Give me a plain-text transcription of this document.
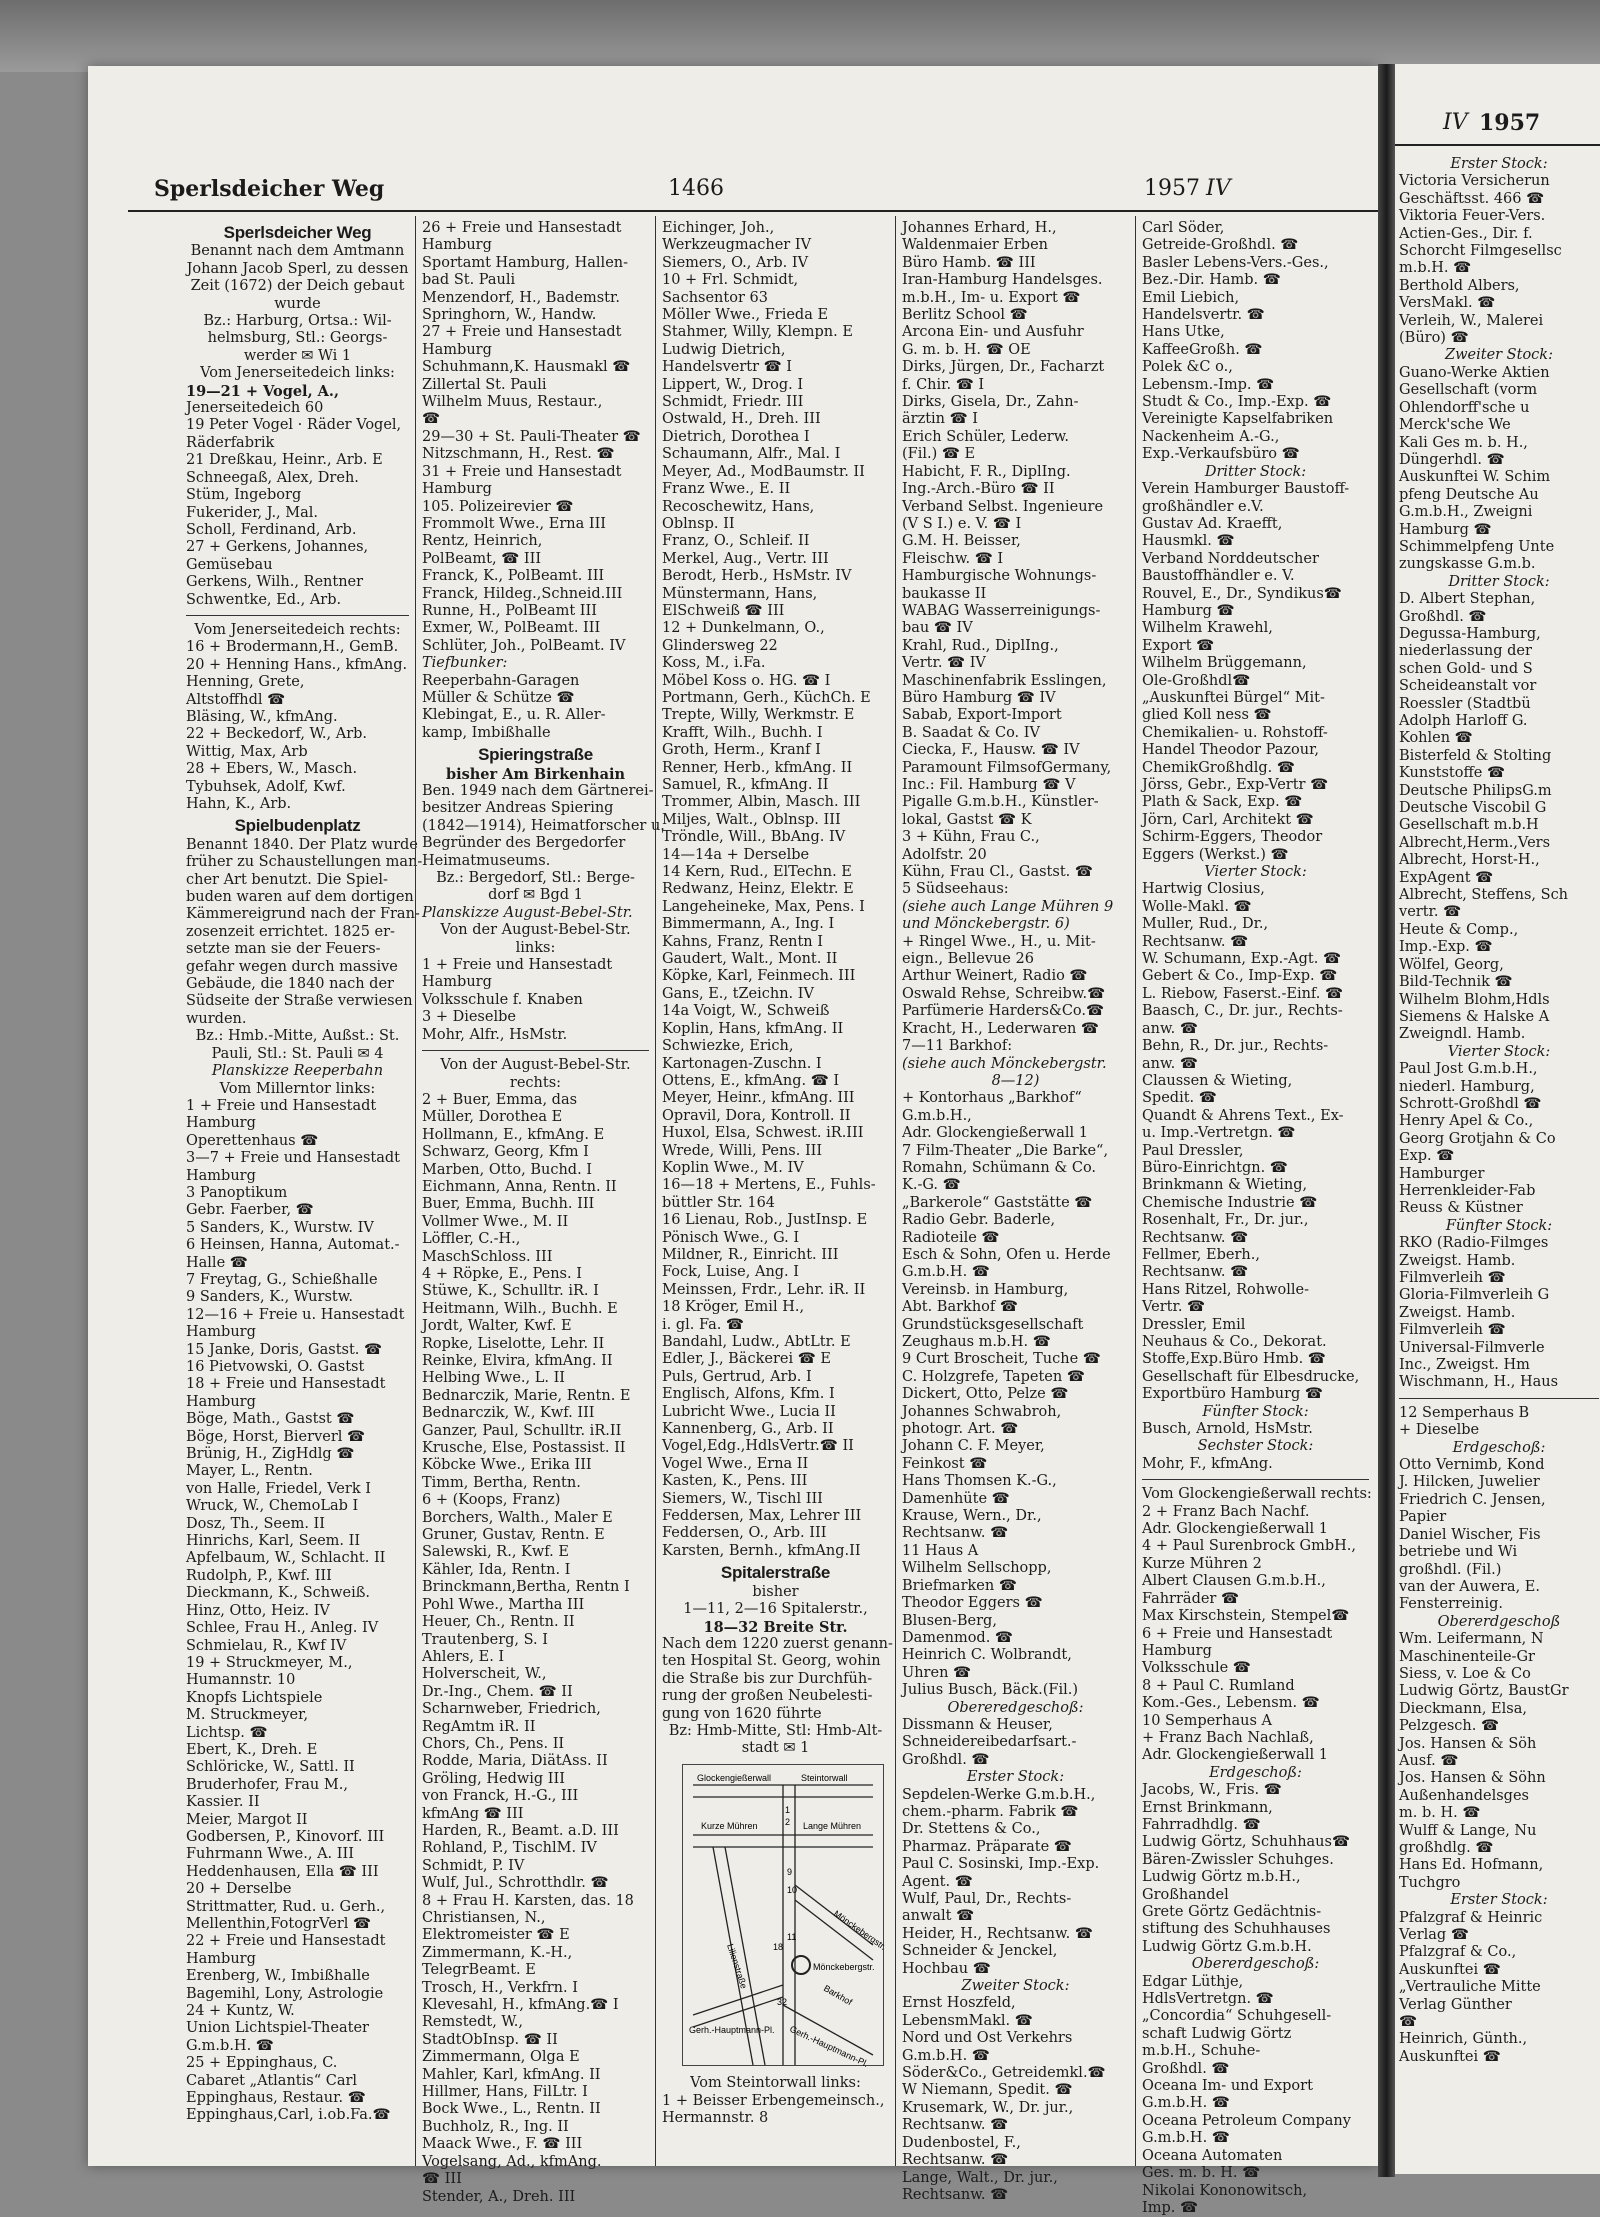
Sperlsdeicher Weg	1466	1957 IV
IV 1957
Erster Stock:
Victoria Versicherun
Geschäftsst. 466 ☎
Viktoria Feuer-Vers.
Actien-Ges., Dir. f.
Schorcht Filmgesellsc
m.b.H. ☎
Berthold Albers,
VersMakl. ☎
Verleih, W., Malerei
(Büro) ☎
Zweiter Stock:
Guano-Werke Aktien
Gesellschaft (vorm
Ohlendorff'sche u
Merck'sche We
Kali Ges m. b. H.,
Düngerhdl. ☎
Auskunftei W. Schim
pfeng Deutsche Au
G.m.b.H., Zweigni
Hamburg ☎
Schimmelpfeng Unte
zungskasse G.m.b.
Dritter Stock:
D. Albert Stephan,
Großhdl. ☎
Degussa-Hamburg,
niederlassung der
schen Gold- und S
Scheideanstalt vor
Roessler (Stadtbü
Adolph Harloff G.
Kohlen ☎
Bisterfeld & Stolting
Kunststoffe ☎
Deutsche PhilipsG.m
Deutsche Viscobil G
Gesellschaft m.b.H
Albrecht,Herm.,Vers
Albrecht, Horst-H.,
ExpAgent ☎
Albrecht, Steffens, Sch
vertr. ☎
Heute & Comp.,
Imp.-Exp. ☎
Wölfel, Georg,
Bild-Technik ☎
Wilhelm Blohm,Hdls
Siemens & Halske A
Zweigndl. Hamb.
Vierter Stock:
Paul Jost G.m.b.H.,
niederl. Hamburg,
Schrott-Großhdl ☎
Henry Apel & Co.,
Georg Grotjahn & Co
Exp. ☎
Hamburger
Herrenkleider-Fab
Reuss & Küstner
Fünfter Stock:
RKO (Radio-Filmges
Zweigst. Hamb.
Filmverleih ☎
Gloria-Filmverleih G
Zweigst. Hamb.
Filmverleih ☎
Universal-Filmverle
Inc., Zweigst. Hm
Wischmann, H., Haus
12 Semperhaus B
+ Dieselbe
Erdgeschoß:
Otto Vernimb, Kond
J. Hilcken, Juwelier
Friedrich C. Jensen,
Papier
Daniel Wischer, Fis
betriebe und Wi
großhdl. (Fil.)
van der Auwera, E.
Fensterreinig.
Obererdgeschoß
Wm. Leifermann, N
Maschinenteile-Gr
Siess, v. Loe & Co
Ludwig Görtz, BaustGr
Dieckmann, Elsa,
Pelzgesch. ☎
Jos. Hansen & Söh
Ausf. ☎
Jos. Hansen & Söhn
Außenhandelsges
m. b. H. ☎
Wulff & Lange, Nu
großhdlg. ☎
Hans Ed. Hofmann,
Tuchgro
Erster Stock:
Pfalzgraf & Heinric
Verlag ☎
Pfalzgraf & Co.,
Auskunftei ☎
„Vertrauliche Mitte
Verlag Günther
☎
Heinrich, Günth.,
Auskunftei ☎
Sperlsdeicher Weg
Benannt nach dem Amtmann
Johann Jacob Sperl, zu dessen
Zeit (1672) der Deich gebaut
wurde
Bz.: Harburg, Ortsa.: Wil-
helmsburg, Stl.: Georgs-
werder ✉ Wi 1
Vom Jenerseitedeich links:
19—21 + Vogel, A.,
Jenerseitedeich 60
19 Peter Vogel · Räder Vogel,
Räderfabrik
21 Dreßkau, Heinr., Arb. E
Schneegaß, Alex, Dreh.
Stüm, Ingeborg
Fukerider, J., Mal.
Scholl, Ferdinand, Arb.
27 + Gerkens, Johannes,
Gemüsebau
Gerkens, Wilh., Rentner
Schwentke, Ed., Arb.
Vom Jenerseitedeich rechts:
16 + Brodermann,H., GemB.
20 + Henning Hans., kfmAng.
Henning, Grete,
Altstoffhdl ☎
Bläsing, W., kfmAng.
22 + Beckedorf, W., Arb.
Wittig, Max, Arb
28 + Ebers, W., Masch.
Tybuhsek, Adolf, Kwf.
Hahn, K., Arb.
Spielbudenplatz
Benannt 1840. Der Platz wurde
früher zu Schaustellungen man-
cher Art benutzt. Die Spiel-
buden waren auf dem dortigen
Kämmereigrund nach der Fran-
zosenzeit errichtet. 1825 er-
setzte man sie der Feuers-
gefahr wegen durch massive
Gebäude, die 1840 nach der
Südseite der Straße verwiesen
wurden.
Bz.: Hmb.-Mitte, Außst.: St.
Pauli, Stl.: St. Pauli ✉ 4
Planskizze Reeperbahn
Vom Millerntor links:
1 + Freie und Hansestadt
Hamburg
Operettenhaus ☎
3—7 + Freie und Hansestadt
Hamburg
3 Panoptikum
Gebr. Faerber, ☎
5 Sanders, K., Wurstw. IV
6 Heinsen, Hanna, Automat.-
Halle ☎
7 Freytag, G., Schießhalle
9 Sanders, K., Wurstw.
12—16 + Freie u. Hansestadt
Hamburg
15 Janke, Doris, Gastst. ☎
16 Pietvowski, O. Gastst
18 + Freie und Hansestadt
Hamburg
Böge, Math., Gastst ☎
Böge, Horst, Bierverl ☎
Brünig, H., ZigHdlg ☎
Mayer, L., Rentn.
von Halle, Friedel, Verk I
Wruck, W., ChemoLab I
Dosz, Th., Seem. II
Hinrichs, Karl, Seem. II
Apfelbaum, W., Schlacht. II
Rudolph, P., Kwf. III
Dieckmann, K., Schweiß.
Hinz, Otto, Heiz. IV
Schlee, Frau H., Anleg. IV
Schmielau, R., Kwf IV
19 + Struckmeyer, M.,
Humannstr. 10
Knopfs Lichtspiele
M. Struckmeyer,
Lichtsp. ☎
Ebert, K., Dreh. E
Schlöricke, W., Sattl. II
Bruderhofer, Frau M.,
Kassier. II
Meier, Margot II
Godbersen, P., Kinovorf. III
Fuhrmann Wwe., A. III
Heddenhausen, Ella ☎ III
20 + Derselbe
Strittmatter, Rud. u. Gerh.,
Mellenthin,FotogrVerl ☎
22 + Freie und Hansestadt
Hamburg
Erenberg, W., Imbißhalle
Bagemihl, Lony, Astrologie
24 + Kuntz, W.
Union Lichtspiel-Theater
G.m.b.H. ☎
25 + Eppinghaus, C.
Cabaret „Atlantis“ Carl
Eppinghaus, Restaur. ☎
Eppinghaus,Carl, i.ob.Fa.☎
26 + Freie und Hansestadt
Hamburg
Sportamt Hamburg, Hallen-
bad St. Pauli
Menzendorf, H., Bademstr.
Springhorn, W., Handw.
27 + Freie und Hansestadt
Hamburg
Schuhmann,K. Hausmakl ☎
Zillertal St. Pauli
Wilhelm Muus, Restaur.,
☎
29—30 + St. Pauli-Theater ☎
Nitzschmann, H., Rest. ☎
31 + Freie und Hansestadt
Hamburg
105. Polizeirevier ☎
Frommolt Wwe., Erna III
Rentz, Heinrich,
PolBeamt, ☎ III
Franck, K., PolBeamt. III
Franck, Hildeg.,Schneid.III
Runne, H., PolBeamt III
Exmer, W., PolBeamt. III
Schlüter, Joh., PolBeamt. IV
Tiefbunker:
Reeperbahn-Garagen
Müller & Schütze ☎
Klebingat, E., u. R. Aller-
kamp, Imbißhalle
Spieringstraße
bisher Am Birkenhain
Ben. 1949 nach dem Gärtnerei-
besitzer Andreas Spiering
(1842—1914), Heimatforscher u.
Begründer des Bergedorfer
Heimatmuseums.
Bz.: Bergedorf, Stl.: Berge-
dorf ✉ Bgd 1
Planskizze August-Bebel-Str.
Von der August-Bebel-Str.
links:
1 + Freie und Hansestadt
Hamburg
Volksschule f. Knaben
3 + Dieselbe
Mohr, Alfr., HsMstr.
Von der August-Bebel-Str.
rechts:
2 + Buer, Emma, das
Müller, Dorothea E
Hollmann, E., kfmAng. E
Schwarz, Georg, Kfm I
Marben, Otto, Buchd. I
Eichmann, Anna, Rentn. II
Buer, Emma, Buchh. III
Vollmer Wwe., M. II
Löffler, C.-H.,
MaschSchloss. III
4 + Röpke, E., Pens. I
Stüwe, K., Schulltr. iR. I
Heitmann, Wilh., Buchh. E
Jordt, Walter, Kwf. E
Ropke, Liselotte, Lehr. II
Reinke, Elvira, kfmAng. II
Helbing Wwe., L. II
Bednarczik, Marie, Rentn. E
Bednarczik, W., Kwf. III
Ganzer, Paul, Schulltr. iR.II
Krusche, Else, Postassist. II
Köbcke Wwe., Erika III
Timm, Bertha, Rentn.
6 + (Koops, Franz)
Borchers, Walth., Maler E
Gruner, Gustav, Rentn. E
Salewski, R., Kwf. E
Kähler, Ida, Rentn. I
Brinckmann,Bertha, Rentn I
Pohl Wwe., Martha III
Heuer, Ch., Rentn. II
Trautenberg, S. I
Ahlers, E. I
Holverscheit, W.,
Dr.-Ing., Chem. ☎ II
Scharnweber, Friedrich,
RegAmtm iR. II
Chors, Ch., Pens. II
Rodde, Maria, DiätAss. II
Gröling, Hedwig III
von Franck, H.-G., III
kfmAng ☎ III
Harden, R., Beamt. a.D. III
Rohland, P., TischlM. IV
Schmidt, P. IV
Wulf, Jul., Schrotthdlr. ☎
8 + Frau H. Karsten, das. 18
Christiansen, N.,
Elektromeister ☎ E
Zimmermann, K.-H.,
TelegrBeamt. E
Trosch, H., Verkfrn. I
Klevesahl, H., kfmAng.☎ I
Remstedt, W.,
StadtObInsp. ☎ II
Zimmermann, Olga E
Mahler, Karl, kfmAng. II
Hillmer, Hans, FilLtr. I
Bock Wwe., L., Rentn. II
Buchholz, R., Ing. II
Maack Wwe., F. ☎ III
Vogelsang, Ad., kfmAng.
☎ III
Stender, A., Dreh. III
Eichinger, Joh.,
Werkzeugmacher IV
Siemers, O., Arb. IV
10 + Frl. Schmidt,
Sachsentor 63
Möller Wwe., Frieda E
Stahmer, Willy, Klempn. E
Ludwig Dietrich,
Handelsvertr ☎ I
Lippert, W., Drog. I
Schmidt, Friedr. III
Ostwald, H., Dreh. III
Dietrich, Dorothea I
Schaumann, Alfr., Mal. I
Meyer, Ad., ModBaumstr. II
Franz Wwe., E. II
Recoschewitz, Hans,
Oblnsp. II
Franz, O., Schleif. II
Merkel, Aug., Vertr. III
Berodt, Herb., HsMstr. IV
Münstermann, Hans,
ElSchweiß ☎ III
12 + Dunkelmann, O.,
Glindersweg 22
Koss, M., i.Fa.
Möbel Koss o. HG. ☎ I
Portmann, Gerh., KüchCh. E
Trepte, Willy, Werkmstr. E
Krafft, Wilh., Buchh. I
Groth, Herm., Kranf I
Renner, Herb., kfmAng. II
Samuel, R., kfmAng. II
Trommer, Albin, Masch. III
Miljes, Walt., Oblnsp. III
Tröndle, Will., BbAng. IV
14—14a + Derselbe
14 Kern, Rud., ElTechn. E
Redwanz, Heinz, Elektr. E
Langeheineke, Max, Pens. I
Bimmermann, A., Ing. I
Kahns, Franz, Rentn I
Gaudert, Walt., Mont. II
Köpke, Karl, Feinmech. III
Gans, E., tZeichn. IV
14a Voigt, W., Schweiß
Koplin, Hans, kfmAng. II
Schwiezke, Erich,
Kartonagen-Zuschn. I
Ottens, E., kfmAng. ☎ I
Meyer, Heinr., kfmAng. III
Opravil, Dora, Kontroll. II
Huxol, Elsa, Schwest. iR.III
Wrede, Willi, Pens. III
Koplin Wwe., M. IV
16—18 + Mertens, E., Fuhls-
büttler Str. 164
16 Lienau, Rob., JustInsp. E
Pönisch Wwe., G. I
Mildner, R., Einricht. III
Fock, Luise, Ang. I
Meinssen, Frdr., Lehr. iR. II
18 Kröger, Emil H.,
i. gl. Fa. ☎
Bandahl, Ludw., AbtLtr. E
Edler, J., Bäckerei ☎ E
Puls, Gertrud, Arb. I
Englisch, Alfons, Kfm. I
Lubricht Wwe., Lucia II
Kannenberg, G., Arb. II
Vogel,Edg.,HdlsVertr.☎ II
Vogel Wwe., Erna II
Kasten, K., Pens. III
Siemers, W., Tischl III
Feddersen, Max, Lehrer III
Feddersen, O., Arb. III
Karsten, Bernh., kfmAng.II
Spitalerstraße
bisher
1—11, 2—16 Spitalerstr.,
18—32 Breite Str.
Nach dem 1220 zuerst genann-
ten Hospital St. Georg, wohin
die Straße bis zur Durchfüh-
rung der großen Neubelesti-
gung von 1620 führte
Bz: Hmb-Mitte, Stl: Hmb-Alt-
stadt ✉ 1
Glockengießerwall	Steintorwall
Kurze Mühren	Lange Mühren
Lilienstraße
Mönckebergstr.
Mönckebergstr.
Barkhof
Gerh.-Hauptmann-Pl. Gerh.-Hauptmann-Pl.
1
2
9
10
11
18
32
Vom Steintorwall links:
1 + Beisser Erbengemeinsch.,
Hermannstr. 8
Johannes Erhard, H.,
Waldenmaier Erben
Büro Hamb. ☎ III
Iran-Hamburg Handelsges.
m.b.H., Im- u. Export ☎
Berlitz School ☎
Arcona Ein- und Ausfuhr
G. m. b. H. ☎ OE
Dirks, Jürgen, Dr., Facharzt
f. Chir. ☎ I
Dirks, Gisela, Dr., Zahn-
ärztin ☎ I
Erich Schüler, Lederw.
(Fil.) ☎ E
Habicht, F. R., DiplIng.
Ing.-Arch.-Büro ☎ II
Verband Selbst. Ingenieure
(V S I.) e. V. ☎ I
G.M. H. Beisser,
Fleischw. ☎ I
Hamburgische Wohnungs-
baukasse II
WABAG Wasserreinigungs-
bau ☎ IV
Krahl, Rud., DiplIng.,
Vertr. ☎ IV
Maschinenfabrik Esslingen,
Büro Hamburg ☎ IV
Sabab, Export-Import
B. Saadat & Co. IV
Ciecka, F., Hausw. ☎ IV
Paramount FilmsofGermany,
Inc.: Fil. Hamburg ☎ V
Pigalle G.m.b.H., Künstler-
lokal, Gastst ☎ K
3 + Kühn, Frau C.,
Adolfstr. 20
Kühn, Frau Cl., Gastst. ☎
5 Südseehaus:
(siehe auch Lange Mühren 9
und Mönckebergstr. 6)
+ Ringel Wwe., H., u. Mit-
eign., Bellevue 26
Arthur Weinert, Radio ☎
Oswald Rehse, Schreibw.☎
Parfümerie Harders&Co.☎
Kracht, H., Lederwaren ☎
7—11 Barkhof:
(siehe auch Mönckebergstr.
8—12)
+ Kontorhaus „Barkhof“
G.m.b.H.,
Adr. Glockengießerwall 1
7 Film-Theater „Die Barke“,
Romahn, Schümann & Co.
K.-G. ☎
„Barkerole“ Gaststätte ☎
Radio Gebr. Baderle,
Radioteile ☎
Esch & Sohn, Ofen u. Herde
G.m.b.H. ☎
Vereinsb. in Hamburg,
Abt. Barkhof ☎
Grundstücksgesellschaft
Zeughaus m.b.H. ☎
9 Curt Broscheit, Tuche ☎
C. Holzgrefe, Tapeten ☎
Dickert, Otto, Pelze ☎
Johannes Schwabroh,
photogr. Art. ☎
Johann C. F. Meyer,
Feinkost ☎
Hans Thomsen K.-G.,
Damenhüte ☎
Krause, Wern., Dr.,
Rechtsanw. ☎
11 Haus A
Wilhelm Sellschopp,
Briefmarken ☎
Theodor Eggers ☎
Blusen-Berg,
Damenmod. ☎
Heinrich C. Wolbrandt,
Uhren ☎
Julius Busch, Bäck.(Fil.)
Obereredgeschoß:
Dissmann & Heuser,
Schneidereibedarfsart.-
Großhdl. ☎
Erster Stock:
Sepdelen-Werke G.m.b.H.,
chem.-pharm. Fabrik ☎
Dr. Stettens & Co.,
Pharmaz. Präparate ☎
Paul C. Sosinski, Imp.-Exp.
Agent. ☎
Wulf, Paul, Dr., Rechts-
anwalt ☎
Heider, H., Rechtsanw. ☎
Schneider & Jenckel,
Hochbau ☎
Zweiter Stock:
Ernst Hoszfeld,
LebensmMakl. ☎
Nord und Ost Verkehrs
G.m.b.H. ☎
Söder&Co., Getreidemkl.☎
W Niemann, Spedit. ☎
Krusemark, W., Dr. jur.,
Rechtsanw. ☎
Dudenbostel, F.,
Rechtsanw. ☎
Lange, Walt., Dr. jur.,
Rechtsanw. ☎
Carl Söder,
Getreide-Großhdl. ☎
Basler Lebens-Vers.-Ges.,
Bez.-Dir. Hamb. ☎
Emil Liebich,
Handelsvertr. ☎
Hans Utke,
KaffeeGroßh. ☎
Polek &C o.,
Lebensm.-Imp. ☎
Studt & Co., Imp.-Exp. ☎
Vereinigte Kapselfabriken
Nackenheim A.-G.,
Exp.-Verkaufsbüro ☎
Dritter Stock:
Verein Hamburger Baustoff-
großhändler e.V.
Gustav Ad. Kraefft,
Hausmkl. ☎
Verband Norddeutscher
Baustoffhändler e. V.
Rouvel, E., Dr., Syndikus☎
Hamburg ☎
Wilhelm Krawehl,
Export ☎
Wilhelm Brüggemann,
Ole-Großhdl☎
„Auskunftei Bürgel“ Mit-
glied Koll ness ☎
Chemikalien- u. Rohstoff-
Handel Theodor Pazour,
ChemikGroßhdlg. ☎
Jörss, Gebr., Exp-Vertr ☎
Plath & Sack, Exp. ☎
Jörn, Carl, Architekt ☎
Schirm-Eggers, Theodor
Eggers (Werkst.) ☎
Vierter Stock:
Hartwig Closius,
Wolle-Makl. ☎
Muller, Rud., Dr.,
Rechtsanw. ☎
W. Schumann, Exp.-Agt. ☎
Gebert & Co., Imp-Exp. ☎
L. Riebow, Faserst.-Einf. ☎
Baasch, C., Dr. jur., Rechts-
anw. ☎
Behn, R., Dr. jur., Rechts-
anw. ☎
Claussen & Wieting,
Spedit. ☎
Quandt & Ahrens Text., Ex-
u. Imp.-Vertretgn. ☎
Paul Dressler,
Büro-Einrichtgn. ☎
Brinkmann & Wieting,
Chemische Industrie ☎
Rosenhalt, Fr., Dr. jur.,
Rechtsanw. ☎
Fellmer, Eberh.,
Rechtsanw. ☎
Hans Ritzel, Rohwolle-
Vertr. ☎
Dressler, Emil
Neuhaus & Co., Dekorat.
Stoffe,Exp.Büro Hmb. ☎
Gesellschaft für Elbesdrucke,
Exportbüro Hamburg ☎
Fünfter Stock:
Busch, Arnold, HsMstr.
Sechster Stock:
Mohr, F., kfmAng.
Vom Glockengießerwall rechts:
2 + Franz Bach Nachf.
Adr. Glockengießerwall 1
4 + Paul Surenbrock GmbH.,
Kurze Mühren 2
Albert Clausen G.m.b.H.,
Fahrräder ☎
Max Kirschstein, Stempel☎
6 + Freie und Hansestadt
Hamburg
Volksschule ☎
8 + Paul C. Rumland
Kom.-Ges., Lebensm. ☎
10 Semperhaus A
+ Franz Bach Nachlaß,
Adr. Glockengießerwall 1
Erdgeschoß:
Jacobs, W., Fris. ☎
Ernst Brinkmann,
Fahrradhdlg. ☎
Ludwig Görtz, Schuhhaus☎
Bären-Zwissler Schuhges.
Ludwig Görtz m.b.H.,
Großhandel
Grete Görtz Gedächtnis-
stiftung des Schuhhauses
Ludwig Görtz G.m.b.H.
Obererdgeschoß:
Edgar Lüthje,
HdlsVertretgn. ☎
„Concordia“ Schuhgesell-
schaft Ludwig Görtz
m.b.H., Schuhe-
Großhdl. ☎
Oceana Im- und Export
G.m.b.H. ☎
Oceana Petroleum Company
G.m.b.H. ☎
Oceana Automaten
Ges. m. b. H. ☎
Nikolai Kononowitsch,
Imp. ☎
